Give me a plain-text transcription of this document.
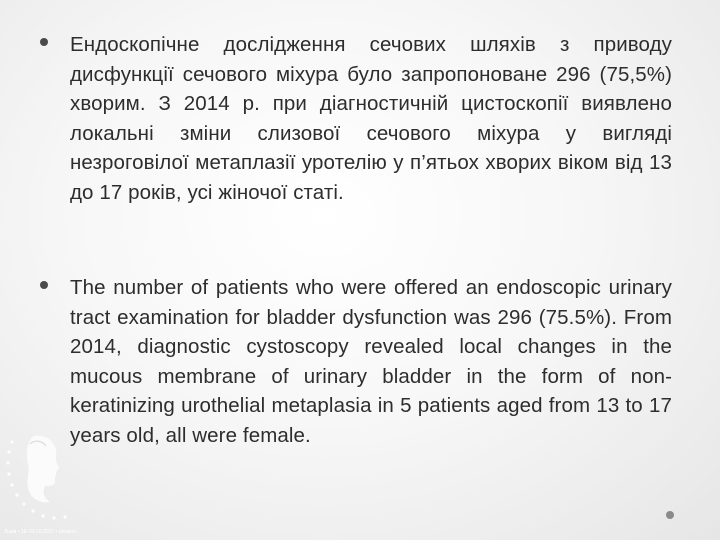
Ендоскопічне дослідження сечових шляхів з приводу дисфункції сечового міхура було запропоноване 296 (75,5%) хворим. З 2014 р. при діагностичній цистоскопії виявлено локальні зміни слизової сечового міхура у вигляді незроговілої метаплазії уротелію у п’ятьох хворих віком від 13 до 17 років, усі жіночої статі.

The number of patients who were offered an endoscopic urinary tract examination for bladder dysfunction was 296 (75.5%). From 2014, diagnostic cystoscopy revealed local changes in the mucous membrane of urinary bladder in the form of non-keratinizing urothelial metaplasia in 5 patients aged from 13 to 17 years old, all were female.

Львів • 16–22.10.2017 • Ukraine
